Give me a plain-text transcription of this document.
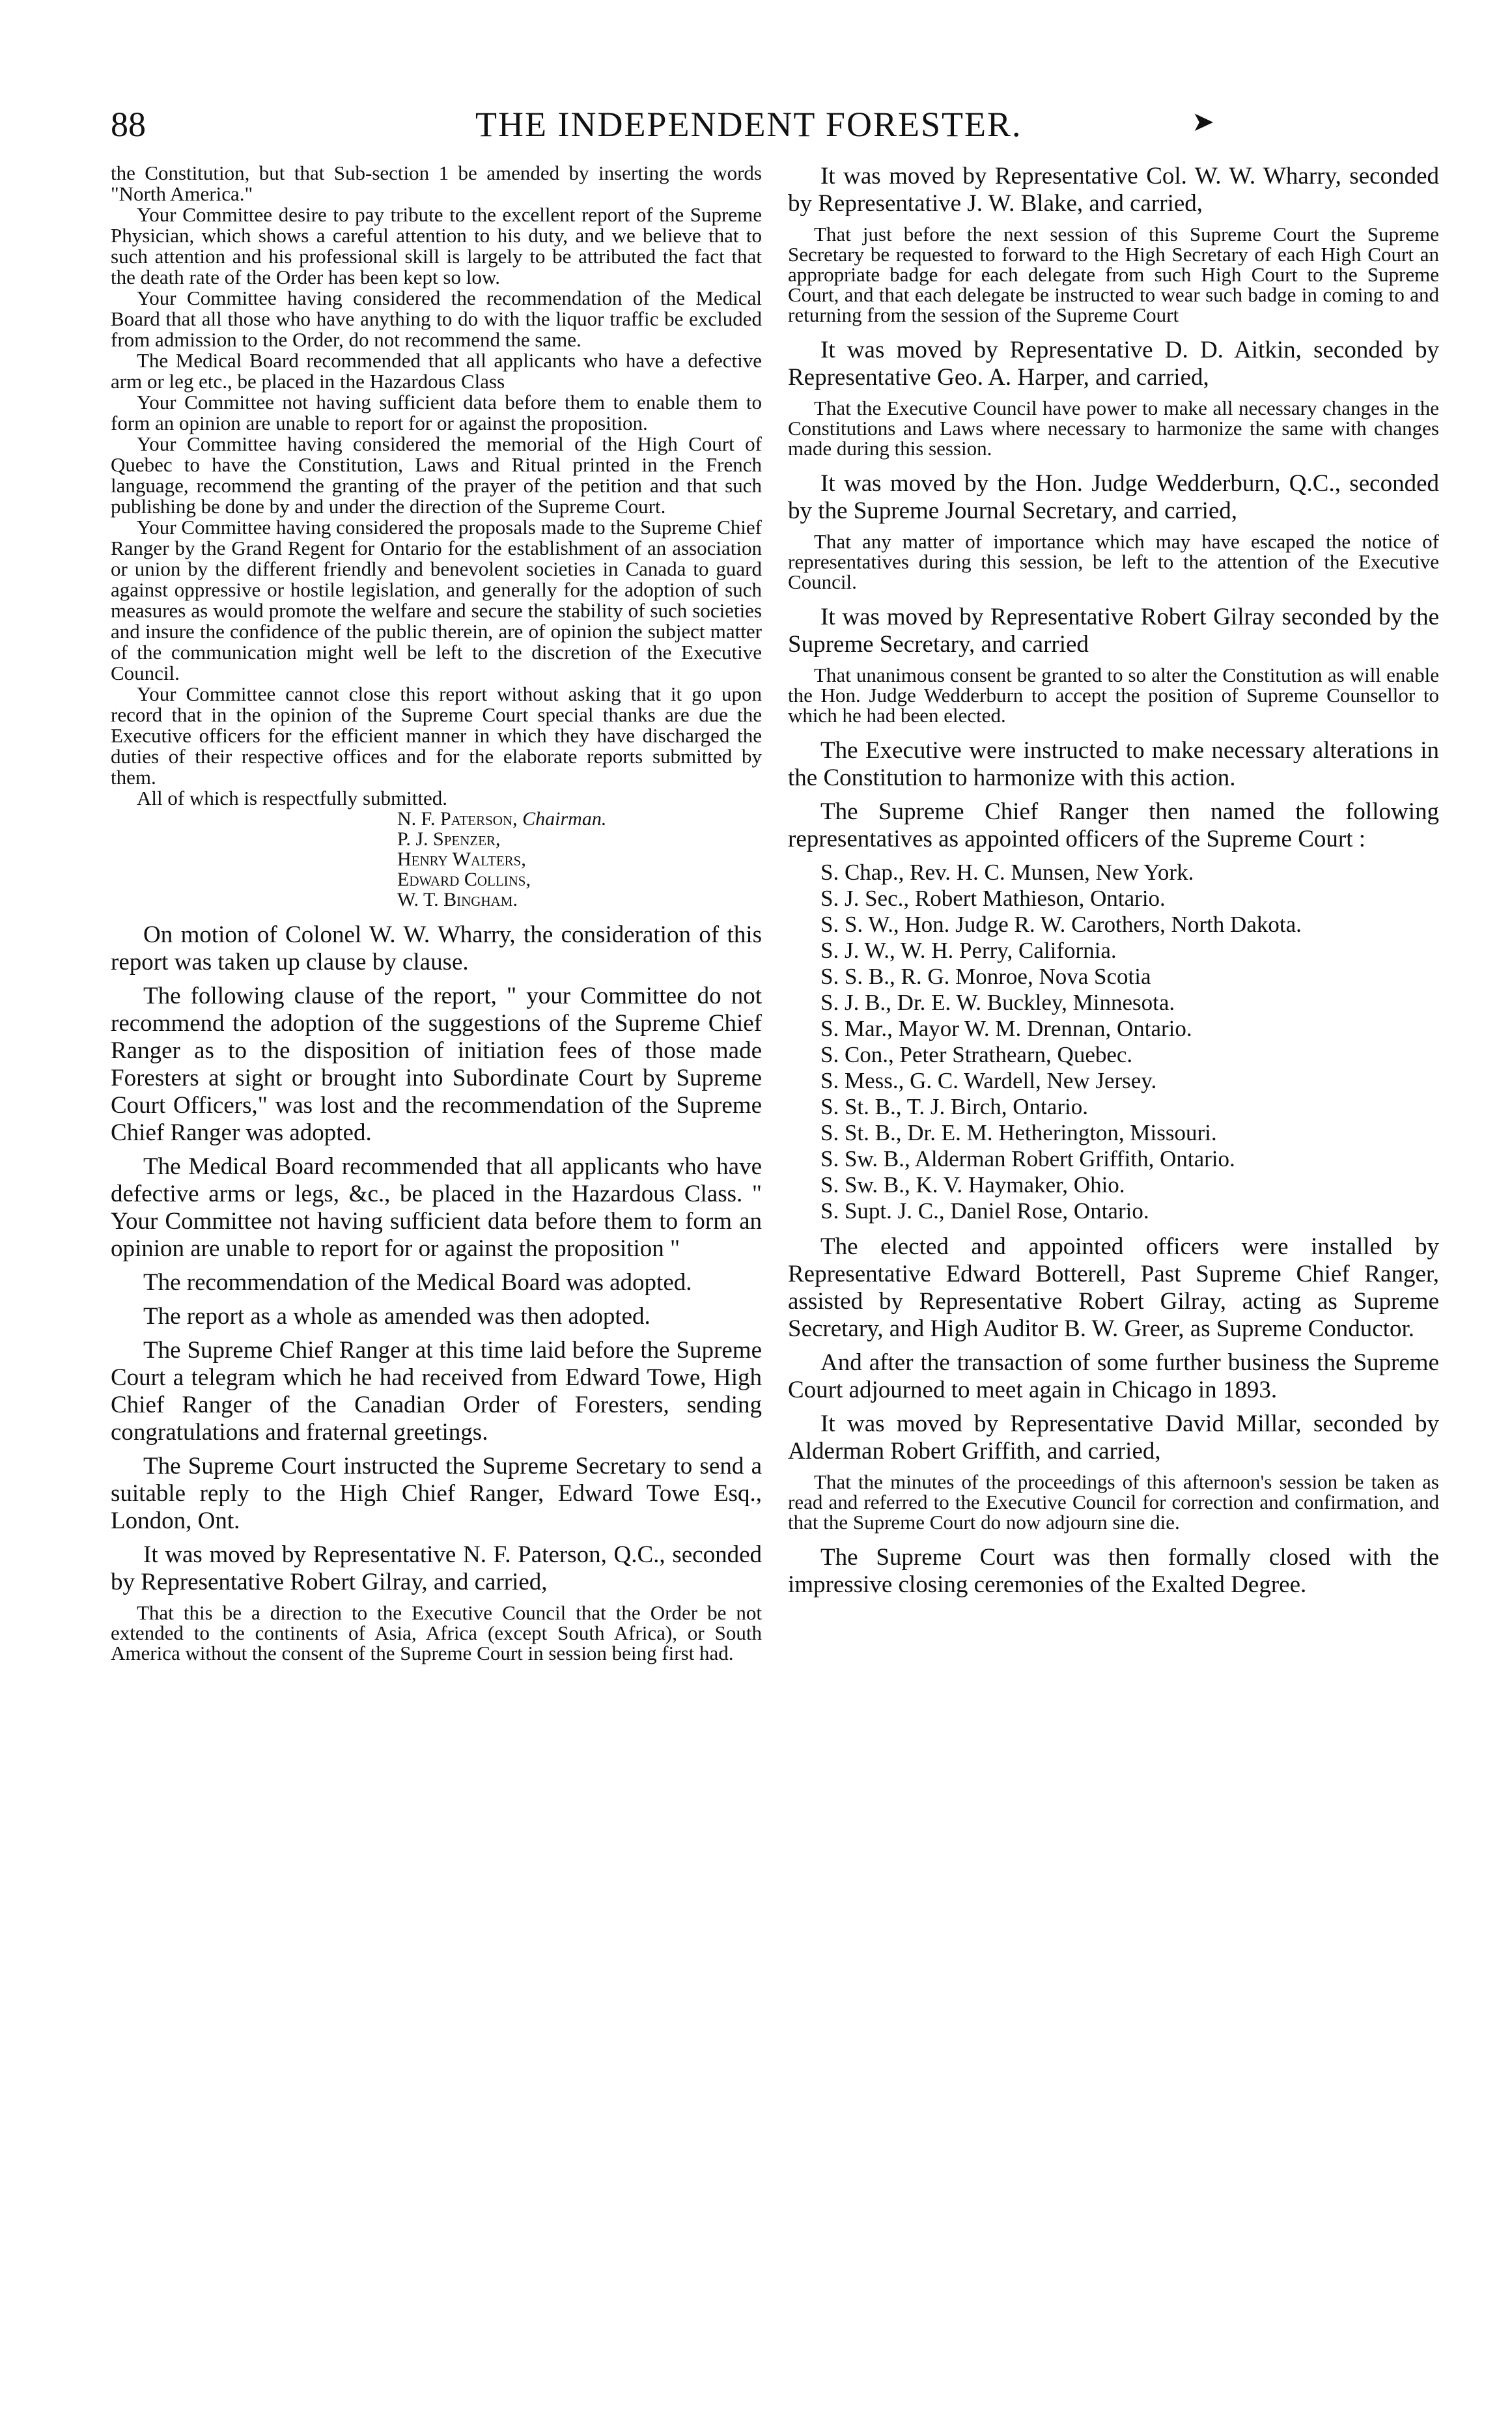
88	THE INDEPENDENT FORESTER.	➤

the Constitution, but that Sub-section 1 be amended by inserting the words "North America."

Your Committee desire to pay tribute to the excellent report of the Supreme Physician, which shows a careful attention to his duty, and we believe that to such attention and his professional skill is largely to be attributed the fact that the death rate of the Order has been kept so low.

Your Committee having considered the recommendation of the Medical Board that all those who have anything to do with the liquor traffic be excluded from admission to the Order, do not recommend the same.

The Medical Board recommended that all applicants who have a defective arm or leg etc., be placed in the Hazardous Class

Your Committee not having sufficient data before them to enable them to form an opinion are unable to report for or against the proposition.

Your Committee having considered the memorial of the High Court of Quebec to have the Constitution, Laws and Ritual printed in the French language, recommend the granting of the prayer of the petition and that such publishing be done by and under the direction of the Supreme Court.

Your Committee having considered the proposals made to the Supreme Chief Ranger by the Grand Regent for Ontario for the establishment of an association or union by the different friendly and benevolent societies in Canada to guard against oppressive or hostile legislation, and generally for the adoption of such measures as would promote the welfare and secure the stability of such societies and insure the confidence of the public therein, are of opinion the subject matter of the communication might well be left to the discretion of the Executive Council.

Your Committee cannot close this report without asking that it go upon record that in the opinion of the Supreme Court special thanks are due the Executive officers for the efficient manner in which they have discharged the duties of their respective offices and for the elaborate reports submitted by them.

All of which is respectfully submitted.

N. F. Paterson, Chairman.
P. J. Spenzer,
Henry Walters,
Edward Collins,
W. T. Bingham.

On motion of Colonel W. W. Wharry, the consideration of this report was taken up clause by clause.

The following clause of the report, " your Committee do not recommend the adoption of the suggestions of the Supreme Chief Ranger as to the disposition of initiation fees of those made Foresters at sight or brought into Subordinate Court by Supreme Court Officers," was lost and the recommendation of the Supreme Chief Ranger was adopted.

The Medical Board recommended that all applicants who have defective arms or legs, &c., be placed in the Hazardous Class. " Your Committee not having sufficient data before them to form an opinion are unable to report for or against the proposition "

The recommendation of the Medical Board was adopted.

The report as a whole as amended was then adopted.

The Supreme Chief Ranger at this time laid before the Supreme Court a telegram which he had received from Edward Towe, High Chief Ranger of the Canadian Order of Foresters, sending congratulations and fraternal greetings.

The Supreme Court instructed the Supreme Secretary to send a suitable reply to the High Chief Ranger, Edward Towe Esq., London, Ont.

It was moved by Representative N. F. Paterson, Q.C., seconded by Representative Robert Gilray, and carried,

That this be a direction to the Executive Council that the Order be not extended to the continents of Asia, Africa (except South Africa), or South America without the consent of the Supreme Court in session being first had.

It was moved by Representative Col. W. W. Wharry, seconded by Representative J. W. Blake, and carried,

That just before the next session of this Supreme Court the Supreme Secretary be requested to forward to the High Secretary of each High Court an appropriate badge for each delegate from such High Court to the Supreme Court, and that each delegate be instructed to wear such badge in coming to and returning from the session of the Supreme Court

It was moved by Representative D. D. Aitkin, seconded by Representative Geo. A. Harper, and carried,

That the Executive Council have power to make all necessary changes in the Constitutions and Laws where necessary to harmonize the same with changes made during this session.

It was moved by the Hon. Judge Wedderburn, Q.C., seconded by the Supreme Journal Secretary, and carried,

That any matter of importance which may have escaped the notice of representatives during this session, be left to the attention of the Executive Council.

It was moved by Representative Robert Gilray seconded by the Supreme Secretary, and carried

That unanimous consent be granted to so alter the Constitution as will enable the Hon. Judge Wedderburn to accept the position of Supreme Counsellor to which he had been elected.

The Executive were instructed to make necessary alterations in the Constitution to harmonize with this action.

The Supreme Chief Ranger then named the following representatives as appointed officers of the Supreme Court :

S. Chap., Rev. H. C. Munsen, New York.
S. J. Sec., Robert Mathieson, Ontario.
S. S. W., Hon. Judge R. W. Carothers, North Dakota.
S. J. W., W. H. Perry, California.
S. S. B., R. G. Monroe, Nova Scotia
S. J. B., Dr. E. W. Buckley, Minnesota.
S. Mar., Mayor W. M. Drennan, Ontario.
S. Con., Peter Strathearn, Quebec.
S. Mess., G. C. Wardell, New Jersey.
S. St. B., T. J. Birch, Ontario.
S. St. B., Dr. E. M. Hetherington, Missouri.
S. Sw. B., Alderman Robert Griffith, Ontario.
S. Sw. B., K. V. Haymaker, Ohio.
S. Supt. J. C., Daniel Rose, Ontario.

The elected and appointed officers were installed by Representative Edward Botterell, Past Supreme Chief Ranger, assisted by Representative Robert Gilray, acting as Supreme Secretary, and High Auditor B. W. Greer, as Supreme Conductor.

And after the transaction of some further business the Supreme Court adjourned to meet again in Chicago in 1893.

It was moved by Representative David Millar, seconded by Alderman Robert Griffith, and carried,

That the minutes of the proceedings of this afternoon's session be taken as read and referred to the Executive Council for correction and confirmation, and that the Supreme Court do now adjourn sine die.

The Supreme Court was then formally closed with the impressive closing ceremonies of the Exalted Degree.
